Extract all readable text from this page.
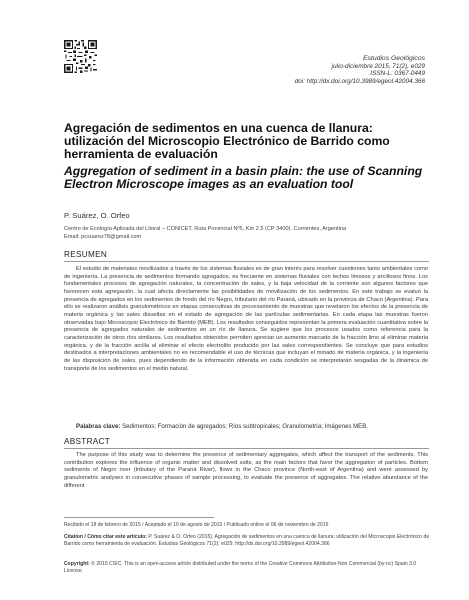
Estudios Geológicos
julio-diciembre 2015, 71(2), e029
ISSN-L: 0367-0449
doi: http://dx.doi.org/10.3989/egeol.42004.366
Agregación de sedimentos en una cuenca de llanura: utilización del Microscopio Electrónico de Barrido como herramienta de evaluación
Aggregation of sediment in a basin plain: the use of Scanning Electron Microscope images as an evaluation tool
P. Suárez, O. Orfeo
Centro de Ecología Aplicada del Litoral – CONICET. Ruta Provincial Nº5, Km 2.5 (CP 3400). Corrientes, Argentina
Email: pcsuarez78@gmail.com
RESUMEN

El estudio de materiales movilizados a través de los sistemas fluviales es de gran interés para resolver cuestiones tanto ambientales como de ingeniería. La presencia de sedimentos formando agregados, es frecuente en sistemas fluviales con lechos limosos y arcillosos finos. Los fundamentales procesos de agregación naturales, la concentración de sales, y la baja velocidad de la corriente son algunos factores que favorecen esta agregación, la cual afecta directamente las posibilidades de movilización de los sedimentos. En este trabajo se evaluó la presencia de agregados en los sedimentos de fondo del río Negro, tributario del río Paraná, ubicado en la provincia de Chaco (Argentina). Para ello se realizaron análisis granulométricos en etapas consecutivas de procesamiento de muestras que revelaron los efectos de la presencia de materia orgánica y las sales disueltas en el estado de agregación de las partículas sedimentarias. En cada etapa las muestras fueron observadas bajo Microscopio Electrónico de Barrido (MEB). Los resultados conseguidos representan la primera evaluación cuantitativa sobre la presencia de agregados naturales de sedimentos en un río de llanura. Se sugiere que los procesos usados como referencia para la caracterización de otros ríos similares. Los resultados obtenidos permiten apreciar un aumento marcado de la fracción limo al eliminar materia orgánica, y de la fracción arcilla al eliminar el efecto electrolito producido por las sales correspondientes. Se concluye que para estudios destinados a interpretaciones ambientales no es recomendable el uso de técnicas que incluyan el minado de materia orgánica, y la ingeniería de las disposición de sales, pues dependiendo de la información obtenida en cada condición se interpretarán sesgadas de la dinámica de transporte de los sedimentos en el medio natural.

Palabras clave: Sedimentos; Formación de agregados; Ríos subtropicales; Granulometría; Imágenes MEB.
ABSTRACT

The purpose of this study was to determine the presence of sedimentary aggregates, which affect the transport of the sediments. This contribution explores the influence of organic matter and dissolved salts, as the main factors that favor the aggregation of particles. Bottom sediments of Negro river (tributary of the Paraná River), flows in the Chaco province (North-east of Argentina) and were assessed by granulometric analyses in consecutive phases of sample processing, to evaluate the presence of aggregates. The relative abundance of the different

Recibido el 18 de febrero de 2015 / Aceptado el 10 de agosto de 2015 / Publicado online el 06 de noviembre de 2015

Citation / Cómo citar este artículo: P. Suárez & O. Orfeo (2015). Agregación de sedimentos en una cuenca de llanura: utilización del Microscopio Electrónico de Barrido como herramienta de evaluación. Estudios Geológicos 71(2): e029. http://dx.doi.org/10.3989/egeol.42004.366

Copyright: © 2015 CSIC. This is an open-access article distributed under the terms of the Creative Commons Attribution-Non Commercial (by-nc) Spain 3.0 License.
